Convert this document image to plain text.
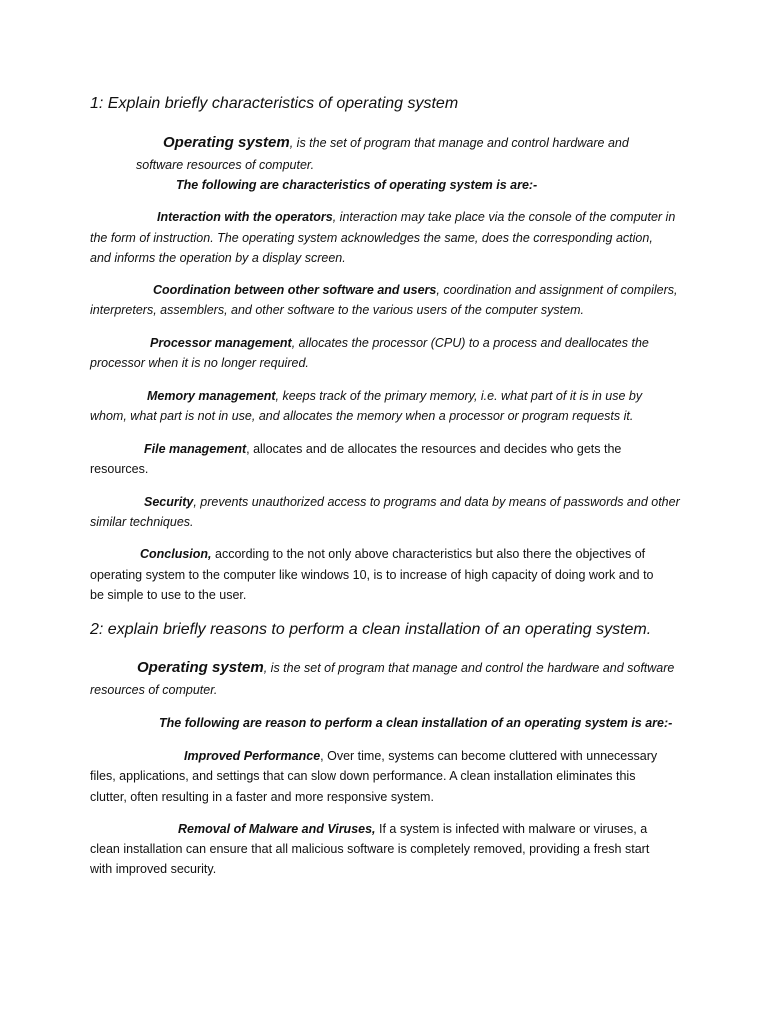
1: Explain briefly characteristics of operating system
Operating system, is the set of program that manage and control hardware and
software resources of computer.
The following are characteristics of operating system is are:-
Interaction with the operators, interaction may take place via the console of the computer in
the form of instruction. The operating system acknowledges the same, does the corresponding action,
and informs the operation by a display screen.
Coordination between other software and users, coordination and assignment of compilers,
interpreters, assemblers, and other software to the various users of the computer system.
Processor management, allocates the processor (CPU) to a process and deallocates the
processor when it is no longer required.
Memory management, keeps track of the primary memory, i.e. what part of it is in use by
whom, what part is not in use, and allocates the memory when a processor or program requests it.
File management, allocates and de allocates the resources and decides who gets the
resources.
Security, prevents unauthorized access to programs and data by means of passwords and other
similar techniques.
Conclusion, according to the not only above characteristics but also there the objectives of
operating system to the computer like windows 10, is to increase of high capacity of doing work and to
be simple to use to the user.
2: explain briefly reasons to perform a clean installation of an operating system.
Operating system, is the set of program that manage and control the hardware and software
resources of computer.
The following are reason to perform a clean installation of an operating system is are:-
Improved Performance, Over time, systems can become cluttered with unnecessary
files, applications, and settings that can slow down performance. A clean installation eliminates this
clutter, often resulting in a faster and more responsive system.
Removal of Malware and Viruses, If a system is infected with malware or viruses, a
clean installation can ensure that all malicious software is completely removed, providing a fresh start
with improved security.
